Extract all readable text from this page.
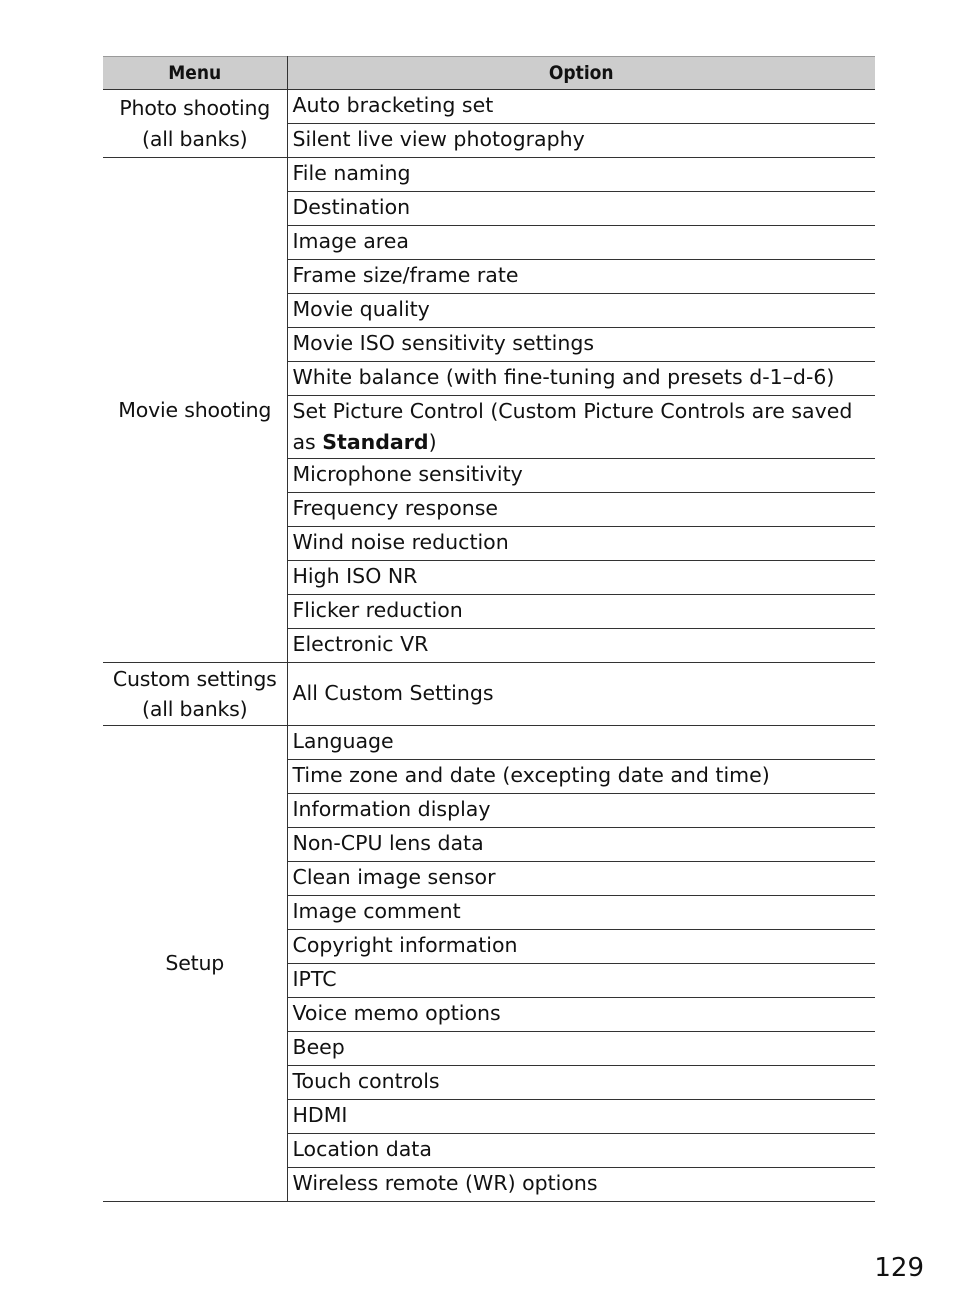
Menu	Option
Photo shooting
(all banks)	Auto bracketing set
	Silent live view photography
Movie shooting	File naming
	Destination
	Image area
	Frame size/frame rate
	Movie quality
	Movie ISO sensitivity settings
	White balance (with fine-tuning and presets d-1–d-6)
	Set Picture Control (Custom Picture Controls are saved as Standard)
	Microphone sensitivity
	Frequency response
	Wind noise reduction
	High ISO NR
	Flicker reduction
	Electronic VR
Custom settings
(all banks)	All Custom Settings
Setup	Language
	Time zone and date (excepting date and time)
	Information display
	Non-CPU lens data
	Clean image sensor
	Image comment
	Copyright information
	IPTC
	Voice memo options
	Beep
	Touch controls
	HDMI
	Location data
	Wireless remote (WR) options
129
